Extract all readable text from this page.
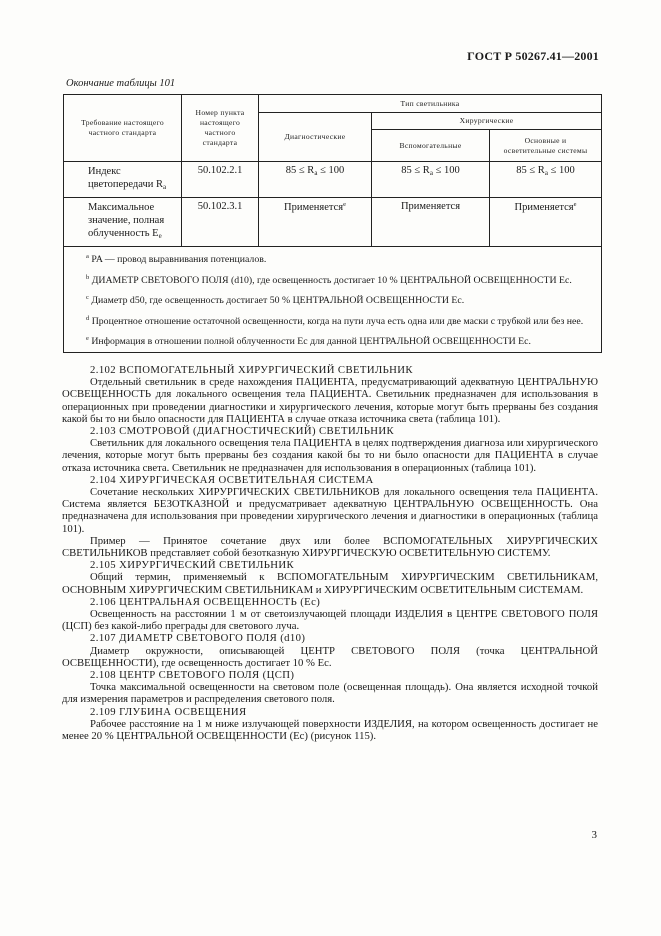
ГОСТ Р 50267.41—2001
Окончание таблицы 101
Требование настоящего частного стандарта	Номер пункта настоящего частного стандарта	Тип светильника		
		Диагностические	Хирургические	
			Вспомогательные	Основные и осветительные системы
Индекс цветопередачи $R_a$	50.102.2.1	$85 \le R_a \le 100$	$85 \le R_a \le 100$	$85 \le R_a \le 100$
Максимальное значение, полная облученность $E_e$	50.102.3.1	Применяется$^e$	Применяется	Применяется$^e$

$^a$ PA — провод выравнивания потенциалов.

$^b$ ДИАМЕТР СВЕТОВОГО ПОЛЯ (d10), где освещенность достигает 10 % ЦЕНТРАЛЬНОЙ ОСВЕЩЕННОСТИ Ec.

$^c$ Диаметр d50, где освещенность достигает 50 % ЦЕНТРАЛЬНОЙ ОСВЕЩЕННОСТИ Ec.

$^d$ Процентное отношение остаточной освещенности, когда на пути луча есть одна или две маски с трубкой или без нее.

$^e$ Информация в отношении полной облученности Ec для данной ЦЕНТРАЛЬНОЙ ОСВЕЩЕННОСТИ Ec.				

2.102 ВСПОМОГАТЕЛЬНЫЙ ХИРУРГИЧЕСКИЙ СВЕТИЛЬНИК

Отдельный светильник в среде нахождения ПАЦИЕНТА, предусматривающий адекватную ЦЕНТРАЛЬНУЮ ОСВЕЩЕННОСТЬ для локального освещения тела ПАЦИЕНТА. Светильник предназначен для использования в операционных при проведении диагностики и хирургического лечения, которые могут быть прерваны без создания какой бы то ни было опасности для ПАЦИЕНТА в случае отказа источника света (таблица 101).

2.103 СМОТРОВОЙ (ДИАГНОСТИЧЕСКИЙ) СВЕТИЛЬНИК

Светильник для локального освещения тела ПАЦИЕНТА в целях подтверждения диагноза или хирургического лечения, которые могут быть прерваны без создания какой бы то ни было опасности для ПАЦИЕНТА в случае отказа источника света. Светильник не предназначен для использования в операционных (таблица 101).

2.104 ХИРУРГИЧЕСКАЯ ОСВЕТИТЕЛЬНАЯ СИСТЕМА

Сочетание нескольких ХИРУРГИЧЕСКИХ СВЕТИЛЬНИКОВ для локального освещения тела ПАЦИЕНТА. Система является БЕЗОТКАЗНОЙ и предусматривает адекватную ЦЕНТРАЛЬНУЮ ОСВЕЩЕННОСТЬ. Она предназначена для использования при проведении хирургического лечения и диагностики в операционных (таблица 101).

Пример — Принятое сочетание двух или более ВСПОМОГАТЕЛЬНЫХ ХИРУРГИЧЕСКИХ СВЕТИЛЬНИКОВ представляет собой безотказную ХИРУРГИЧЕСКУЮ ОСВЕТИТЕЛЬНУЮ СИСТЕМУ.

2.105 ХИРУРГИЧЕСКИЙ СВЕТИЛЬНИК

Общий термин, применяемый к ВСПОМОГАТЕЛЬНЫМ ХИРУРГИЧЕСКИМ СВЕТИЛЬНИКАМ, ОСНОВНЫМ ХИРУРГИЧЕСКИМ СВЕТИЛЬНИКАМ и ХИРУРГИЧЕСКИМ ОСВЕТИТЕЛЬНЫМ СИСТЕМАМ.

2.106 ЦЕНТРАЛЬНАЯ ОСВЕЩЕННОСТЬ (Ec)

Освещенность на расстоянии 1 м от светоизлучающей площади ИЗДЕЛИЯ в ЦЕНТРЕ СВЕТОВОГО ПОЛЯ (ЦСП) без какой-либо преграды для светового луча.

2.107 ДИАМЕТР СВЕТОВОГО ПОЛЯ (d10)

Диаметр окружности, описывающей ЦЕНТР СВЕТОВОГО ПОЛЯ (точка ЦЕНТРАЛЬНОЙ ОСВЕЩЕННОСТИ), где освещенность достигает 10 % Ec.

2.108 ЦЕНТР СВЕТОВОГО ПОЛЯ (ЦСП)

Точка максимальной освещенности на световом поле (освещенная площадь). Она является исходной точкой для измерения параметров и распределения светового поля.

2.109 ГЛУБИНА ОСВЕЩЕНИЯ

Рабочее расстояние на 1 м ниже излучающей поверхности ИЗДЕЛИЯ, на котором освещенность достигает не менее 20 % ЦЕНТРАЛЬНОЙ ОСВЕЩЕННОСТИ (Ec) (рисунок 115).

3
